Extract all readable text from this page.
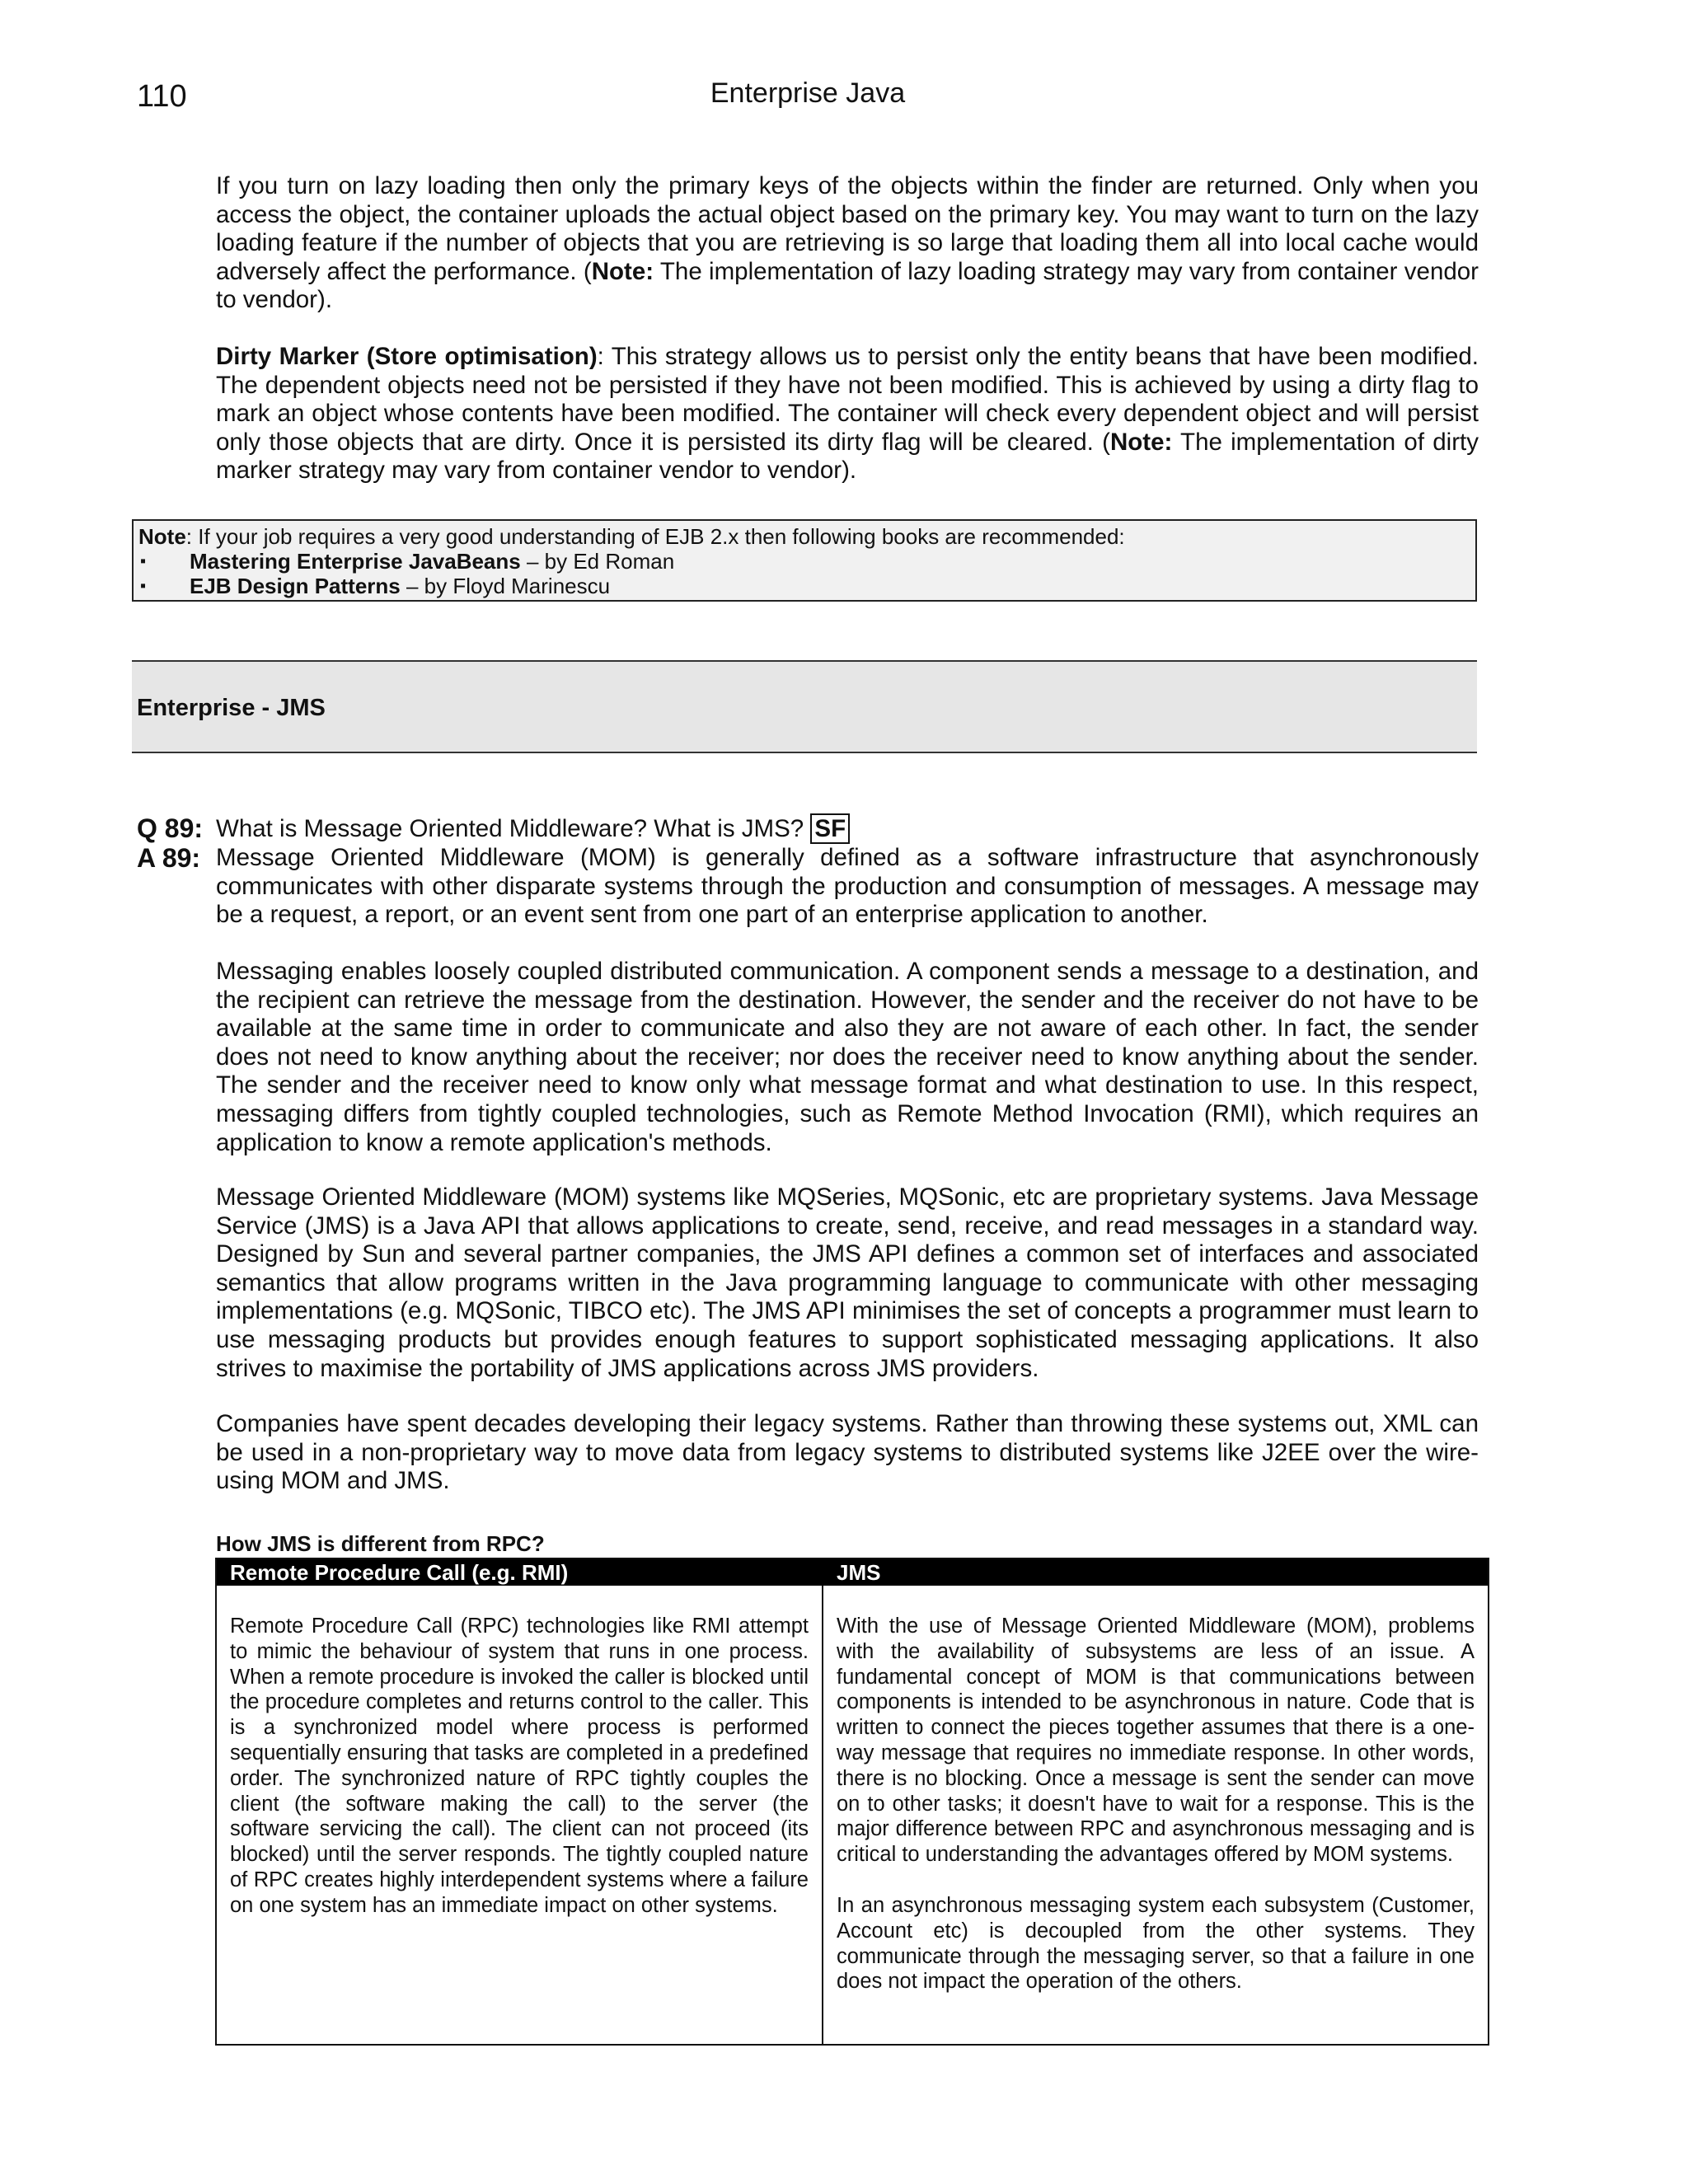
110	Enterprise Java

If you turn on lazy loading then only the primary keys of the objects within the finder are returned. Only when you access the object, the container uploads the actual object based on the primary key. You may want to turn on the lazy loading feature if the number of objects that you are retrieving is so large that loading them all into local cache would adversely affect the performance. (Note: The implementation of lazy loading strategy may vary from container vendor to vendor).

Dirty Marker (Store optimisation): This strategy allows us to persist only the entity beans that have been modified. The dependent objects need not be persisted if they have not been modified. This is achieved by using a dirty flag to mark an object whose contents have been modified. The container will check every dependent object and will persist only those objects that are dirty. Once it is persisted its dirty flag will be cleared. (Note: The implementation of dirty marker strategy may vary from container vendor to vendor).

Note: If your job requires a very good understanding of EJB 2.x then following books are recommended:
▪ Mastering Enterprise JavaBeans – by Ed Roman
▪ EJB Design Patterns – by Floyd Marinescu
Enterprise - JMS
Q 89: What is Message Oriented Middleware? What is JMS? SF

A 89: Message Oriented Middleware (MOM) is generally defined as a software infrastructure that asynchronously communicates with other disparate systems through the production and consumption of messages. A message may be a request, a report, or an event sent from one part of an enterprise application to another.

Messaging enables loosely coupled distributed communication. A component sends a message to a destination, and the recipient can retrieve the message from the destination. However, the sender and the receiver do not have to be available at the same time in order to communicate and also they are not aware of each other. In fact, the sender does not need to know anything about the receiver; nor does the receiver need to know anything about the sender. The sender and the receiver need to know only what message format and what destination to use. In this respect, messaging differs from tightly coupled technologies, such as Remote Method Invocation (RMI), which requires an application to know a remote application's methods.

Message Oriented Middleware (MOM) systems like MQSeries, MQSonic, etc are proprietary systems. Java Message Service (JMS) is a Java API that allows applications to create, send, receive, and read messages in a standard way. Designed by Sun and several partner companies, the JMS API defines a common set of interfaces and associated semantics that allow programs written in the Java programming language to communicate with other messaging implementations (e.g. MQSonic, TIBCO etc). The JMS API minimises the set of concepts a programmer must learn to use messaging products but provides enough features to support sophisticated messaging applications. It also strives to maximise the portability of JMS applications across JMS providers.

Companies have spent decades developing their legacy systems. Rather than throwing these systems out, XML can be used in a non-proprietary way to move data from legacy systems to distributed systems like J2EE over the wire-using MOM and JMS.

How JMS is different from RPC?
Remote Procedure Call (e.g. RMI)	JMS

Remote Procedure Call (RPC) technologies like RMI attempt to mimic the behaviour of system that runs in one process. When a remote procedure is invoked the caller is blocked until the procedure completes and returns control to the caller. This is a synchronized model where process is performed sequentially ensuring that tasks are completed in a predefined order. The synchronized nature of RPC tightly couples the client (the software making the call) to the server (the software servicing the call). The client can not proceed (its blocked) until the server responds. The tightly coupled nature of RPC creates highly interdependent systems where a failure on one system has an immediate impact on other systems.

With the use of Message Oriented Middleware (MOM), problems with the availability of subsystems are less of an issue. A fundamental concept of MOM is that communications between components is intended to be asynchronous in nature. Code that is written to connect the pieces together assumes that there is a one-way message that requires no immediate response. In other words, there is no blocking. Once a message is sent the sender can move on to other tasks; it doesn't have to wait for a response. This is the major difference between RPC and asynchronous messaging and is critical to understanding the advantages offered by MOM systems.

In an asynchronous messaging system each subsystem (Customer, Account etc) is decoupled from the other systems. They communicate through the messaging server, so that a failure in one does not impact the operation of the others.
